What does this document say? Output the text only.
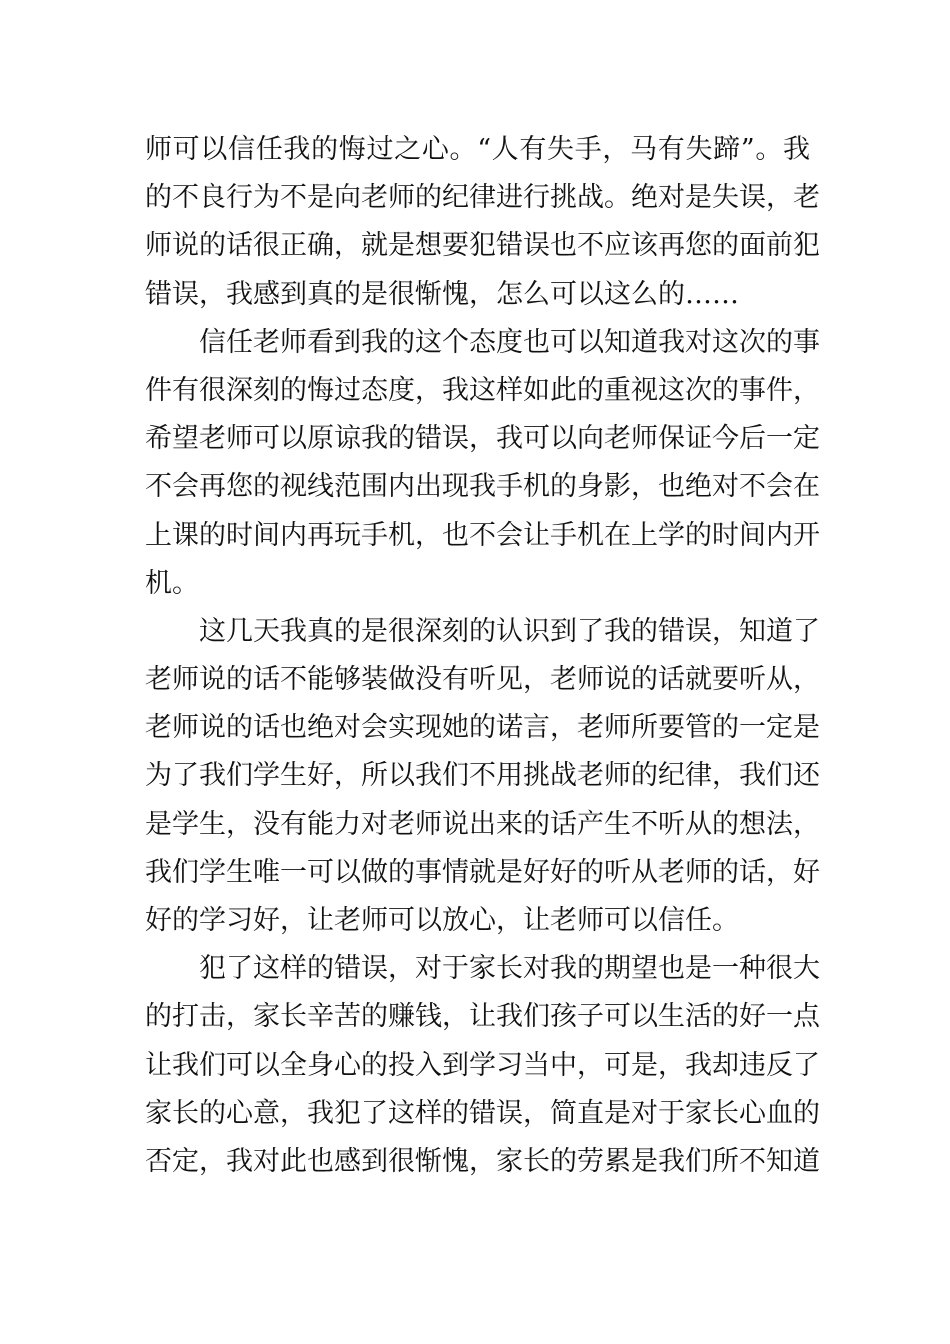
师可以信任我的悔过之心。“人有失手，马有失蹄”。我
的不良行为不是向老师的纪律进行挑战。绝对是失误，老
师说的话很正确，就是想要犯错误也不应该再您的面前犯
错误，我感到真的是很惭愧，怎么可以这么的……
信任老师看到我的这个态度也可以知道我对这次的事
件有很深刻的悔过态度，我这样如此的重视这次的事件，
希望老师可以原谅我的错误，我可以向老师保证今后一定
不会再您的视线范围内出现我手机的身影，也绝对不会在
上课的时间内再玩手机，也不会让手机在上学的时间内开
机。
这几天我真的是很深刻的认识到了我的错误，知道了
老师说的话不能够装做没有听见，老师说的话就要听从，
老师说的话也绝对会实现她的诺言，老师所要管的一定是
为了我们学生好，所以我们不用挑战老师的纪律，我们还
是学生，没有能力对老师说出来的话产生不听从的想法，
我们学生唯一可以做的事情就是好好的听从老师的话，好
好的学习好，让老师可以放心，让老师可以信任。
犯了这样的错误，对于家长对我的期望也是一种很大
的打击，家长辛苦的赚钱，让我们孩子可以生活的好一点
让我们可以全身心的投入到学习当中，可是，我却违反了
家长的心意，我犯了这样的错误，简直是对于家长心血的
否定，我对此也感到很惭愧，家长的劳累是我们所不知道
